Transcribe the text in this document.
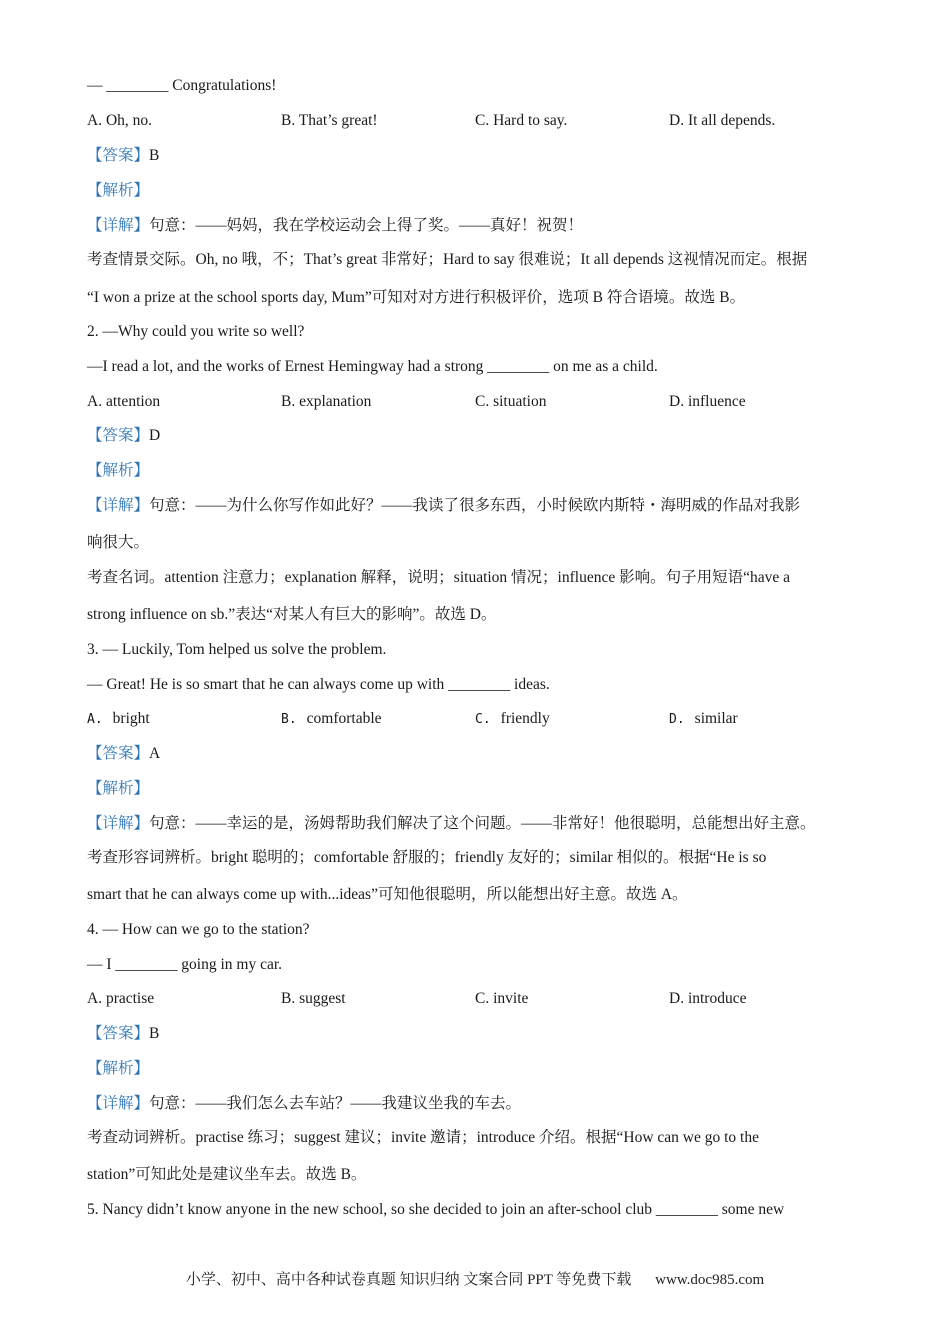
— ________ Congratulations!
A. Oh, no.	B. That’s great!	C. Hard to say.	D. It all depends.
【答案】B
【解析】
【详解】句意：——妈妈，我在学校运动会上得了奖。——真好！祝贺！
考查情景交际。Oh, no 哦，不；That’s great 非常好；Hard to say 很难说；It all depends 这视情况而定。根据
“I won a prize at the school sports day, Mum”可知对对方进行积极评价，选项 B 符合语境。故选 B。
2. —Why could you write so well?
—I read a lot, and the works of Ernest Hemingway had a strong ________ on me as a child.
A. attention	B. explanation	C. situation	D. influence
【答案】D
【解析】
【详解】句意：——为什么你写作如此好？——我读了很多东西，小时候欧内斯特・海明威的作品对我影
响很大。
考查名词。attention 注意力；explanation 解释，说明；situation 情况；influence 影响。句子用短语“have a
strong influence on sb.”表达“对某人有巨大的影响”。故选 D。
3. — Luckily, Tom helped us solve the problem.
— Great! He is so smart that he can always come up with ________ ideas.
A. bright	B. comfortable	C. friendly	D. similar
【答案】A
【解析】
【详解】句意：——幸运的是，汤姆帮助我们解决了这个问题。——非常好！他很聪明，总能想出好主意。
考查形容词辨析。bright 聪明的；comfortable 舒服的；friendly 友好的；similar 相似的。根据“He is so
smart that he can always come up with...ideas”可知他很聪明，所以能想出好主意。故选 A。
4. — How can we go to the station?
— I ________ going in my car.
A. practise	B. suggest	C. invite	D. introduce
【答案】B
【解析】
【详解】句意：——我们怎么去车站？——我建议坐我的车去。
考查动词辨析。practise 练习；suggest 建议；invite 邀请；introduce 介绍。根据“How can we go to the
station”可知此处是建议坐车去。故选 B。
5. Nancy didn’t know anyone in the new school, so she decided to join an after-school club ________ some new
小学、初中、高中各种试卷真题 知识归纳 文案合同 PPT 等免费下载 www.doc985.com
